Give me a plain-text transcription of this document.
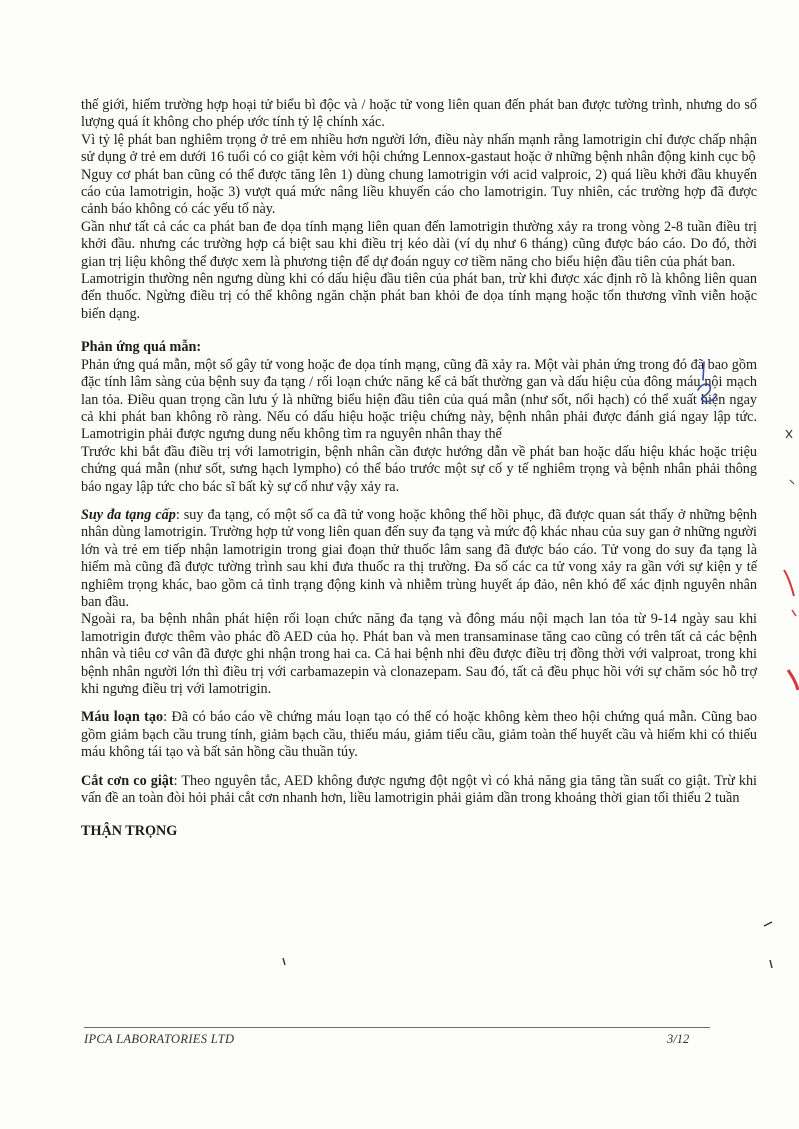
thế giới, hiếm trường hợp hoại tử biểu bì độc và / hoặc tử vong liên quan đến phát ban được tường trình, nhưng do số lượng quá ít không cho phép ước tính tỷ lệ chính xác.

Vì tỷ lệ phát ban nghiêm trọng ở trẻ em nhiều hơn người lớn, điều này nhấn mạnh rằng lamotrigin chỉ được chấp nhận sử dụng ở trẻ em dưới 16 tuổi có co giật kèm với hội chứng Lennox-gastaut hoặc ở những bệnh nhân động kinh cục bộ

Nguy cơ phát ban cũng có thể được tăng lên 1) dùng chung lamotrigin với acid valproic, 2) quá liều khởi đầu khuyến cáo của lamotrigin, hoặc 3) vượt quá mức nâng liều khuyến cáo cho lamotrigin. Tuy nhiên, các trường hợp đã được cảnh báo không có các yếu tố này.

Gần như tất cả các ca phát ban đe dọa tính mạng liên quan đến lamotrigin thường xảy ra trong vòng 2-8 tuần điều trị khởi đầu. nhưng các trường hợp cá biệt sau khi điều trị kéo dài (ví dụ như 6 tháng) cũng được báo cáo. Do đó, thời gian trị liệu không thể được xem là phương tiện để dự đoán nguy cơ tiềm năng cho biểu hiện đầu tiên của phát ban.

Lamotrigin thường nên ngưng dùng khi có dấu hiệu đầu tiên của phát ban, trừ khi được xác định rõ là không liên quan đến thuốc. Ngừng điều trị có thể không ngăn chặn phát ban khỏi đe dọa tính mạng hoặc tổn thương vĩnh viễn hoặc biến dạng.

Phản ứng quá mẫn:

Phản ứng quá mẫn, một số gây tử vong hoặc đe dọa tính mạng, cũng đã xảy ra. Một vài phản ứng trong đó đã bao gồm đặc tính lâm sàng của bệnh suy đa tạng / rối loạn chức năng kể cả bất thường gan và dấu hiệu của đông máu nội mạch lan tỏa. Điều quan trọng cần lưu ý là những biểu hiện đầu tiên của quá mẫn (như sốt, nổi hạch) có thể xuất hiện ngay cả khi phát ban không rõ ràng. Nếu có dấu hiệu hoặc triệu chứng này, bệnh nhân phải được đánh giá ngay lập tức. Lamotrigin phải được ngưng dung nếu không tìm ra nguyên nhân thay thế

Trước khi bắt đầu điều trị với lamotrigin, bệnh nhân cần được hướng dẫn về phát ban hoặc dấu hiệu khác hoặc triệu chứng quá mẫn (như sốt, sưng hạch lympho) có thể báo trước một sự cố y tế nghiêm trọng và bệnh nhân phải thông báo ngay lập tức cho bác sĩ bất kỳ sự cố như vậy xảy ra.

Suy đa tạng cấp: suy đa tạng, có một số ca đã tử vong hoặc không thể hồi phục, đã được quan sát thấy ở những bệnh nhân dùng lamotrigin. Trường hợp tử vong liên quan đến suy đa tạng và mức độ khác nhau của suy gan ở những người lớn và trẻ em tiếp nhận lamotrigin trong giai đoạn thử thuốc lâm sang đã được báo cáo. Tử vong do suy đa tạng là hiếm mà cũng đã được tường trình sau khi đưa thuốc ra thị trường. Đa số các ca tử vong xảy ra gần với sự kiện y tế nghiêm trọng khác, bao gồm cả tình trạng động kinh và nhiễm trùng huyết áp đảo, nên khó để xác định nguyên nhân ban đầu.

Ngoài ra, ba bệnh nhân phát hiện rối loạn chức năng đa tạng và đông máu nội mạch lan tỏa từ 9-14 ngày sau khi lamotrigin được thêm vào phác đồ AED của họ. Phát ban và men transaminase tăng cao cũng có trên tất cả các bệnh nhân và tiêu cơ vân đã được ghi nhận trong hai ca. Cả hai bệnh nhi đều được điều trị đồng thời với valproat, trong khi bệnh nhân người lớn thì điều trị với carbamazepin và clonazepam. Sau đó, tất cả đều phục hồi với sự chăm sóc hỗ trợ khi ngưng điều trị với lamotrigin.

Máu loạn tạo: Đã có báo cáo về chứng máu loạn tạo có thể có hoặc không kèm theo hội chứng quá mẫn. Cũng bao gồm giảm bạch cầu trung tính, giảm bạch cầu, thiếu máu, giảm tiểu cầu, giảm toàn thể huyết cầu và hiếm khi có thiếu máu không tái tạo và bất sản hồng cầu thuần túy.

Cắt cơn co giật: Theo nguyên tắc, AED không được ngưng đột ngột vì có khả năng gia tăng tần suất co giật. Trừ khi vấn đề an toàn đòi hỏi phải cắt cơn nhanh hơn, liều lamotrigin phải giảm dần trong khoảng thời gian tối thiểu 2 tuần

THẬN TRỌNG

IPCA LABORATORIES LTD	3/12
